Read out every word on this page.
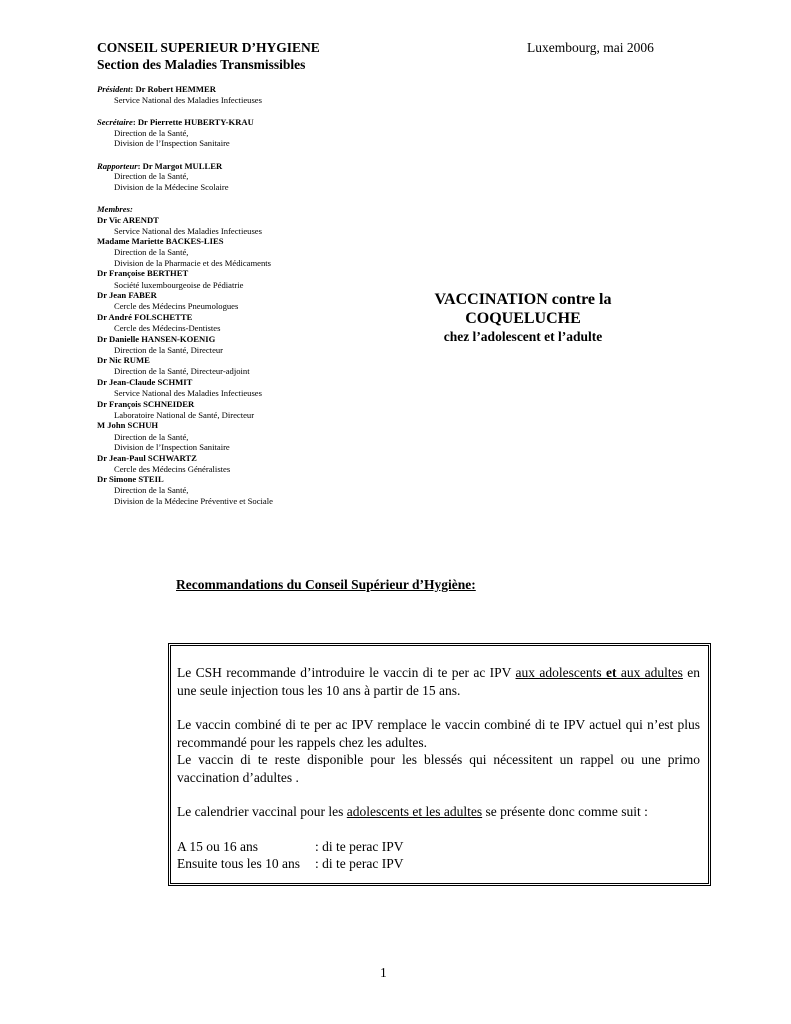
CONSEIL SUPERIEUR D’HYGIENE
Section des Maladies Transmissibles
Luxembourg, mai 2006
Président: Dr Robert HEMMER
Service National des Maladies Infectieuses
Secrétaire: Dr Pierrette HUBERTY-KRAU
Direction de la Santé,
Division de l’Inspection Sanitaire
Rapporteur: Dr Margot MULLER
Direction de la Santé,
Division de la Médecine Scolaire
Membres:
Dr Vic ARENDT
Service National des Maladies Infectieuses
Madame Mariette BACKES-LIES
Direction de la Santé,
Division de la Pharmacie et des Médicaments
Dr Françoise BERTHET
Société luxembourgeoise de Pédiatrie
Dr Jean FABER
Cercle des Médecins Pneumologues
Dr André FOLSCHETTE
Cercle des Médecins-Dentistes
Dr Danielle HANSEN-KOENIG
Direction de la Santé, Directeur
Dr Nic RUME
Direction de la Santé, Directeur-adjoint
Dr Jean-Claude SCHMIT
Service National des Maladies Infectieuses
Dr François SCHNEIDER
Laboratoire National de Santé, Directeur
M John SCHUH
Direction de la Santé,
Division de l’Inspection Sanitaire
Dr Jean-Paul SCHWARTZ
Cercle des Médecins Généralistes
Dr Simone STEIL
Direction de la Santé,
Division de la Médecine Préventive et Sociale
VACCINATION contre la
COQUELUCHE
chez l’adolescent et l’adulte
Recommandations du Conseil Supérieur d’Hygiène:

Le CSH recommande d’introduire le vaccin di te per ac IPV aux adolescents et aux adultes en une seule injection tous les 10 ans à partir de 15 ans.

Le vaccin combiné di te per ac IPV remplace le vaccin combiné di te IPV actuel qui n’est plus recommandé pour les rappels chez les adultes.

Le vaccin di te reste disponible pour les blessés qui nécessitent un rappel ou une primo vaccination d’adultes .

Le calendrier vaccinal pour les adolescents et les adultes se présente donc comme suit :

A 15 ou 16 ans	: di te perac IPV
Ensuite tous les 10 ans	: di te perac IPV
1
